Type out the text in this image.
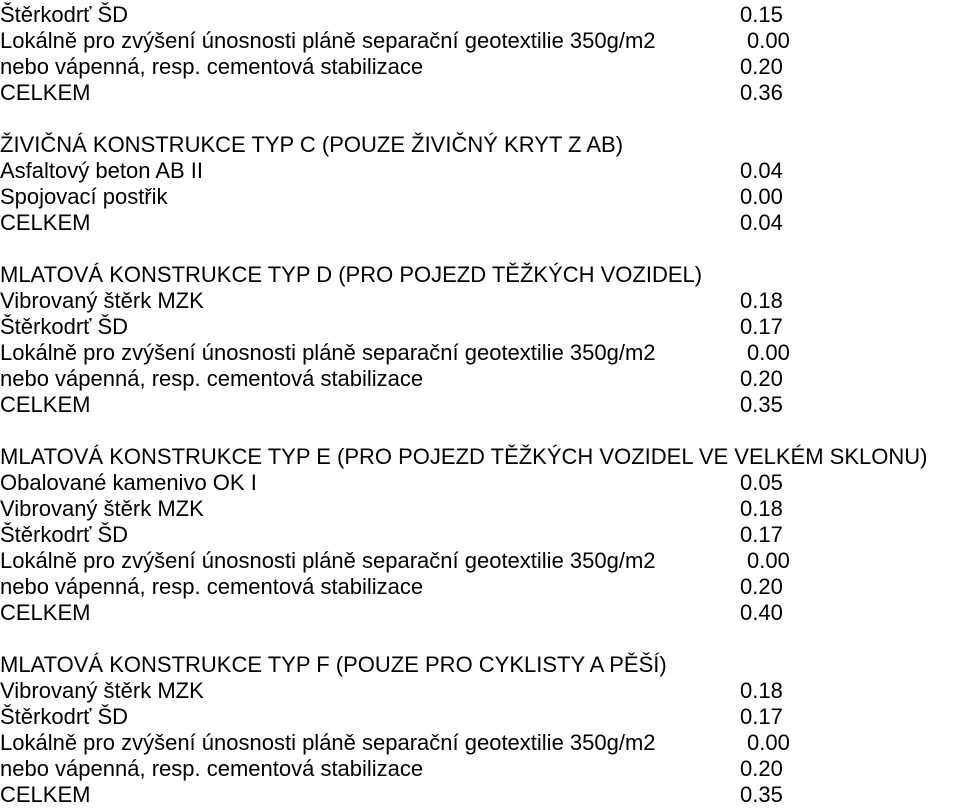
Štěrkodrť ŠD	0.15
Lokálně pro zvýšení únosnosti pláně separační geotextilie 350g/m2	0.00
nebo vápenná, resp. cementová stabilizace	0.20
CELKEM	0.36
ŽIVIČNÁ KONSTRUKCE TYP C (POUZE ŽIVIČNÝ KRYT Z AB)
Asfaltový beton AB II	0.04
Spojovací postřik	0.00
CELKEM	0.04
MLATOVÁ KONSTRUKCE TYP D (PRO POJEZD TĚŽKÝCH VOZIDEL)
Vibrovaný štěrk MZK	0.18
Štěrkodrť ŠD	0.17
Lokálně pro zvýšení únosnosti pláně separační geotextilie 350g/m2	0.00
nebo vápenná, resp. cementová stabilizace	0.20
CELKEM	0.35
MLATOVÁ KONSTRUKCE TYP E (PRO POJEZD TĚŽKÝCH VOZIDEL VE VELKÉM SKLONU)
Obalované kamenivo OK I	0.05
Vibrovaný štěrk MZK	0.18
Štěrkodrť ŠD	0.17
Lokálně pro zvýšení únosnosti pláně separační geotextilie 350g/m2	0.00
nebo vápenná, resp. cementová stabilizace	0.20
CELKEM	0.40
MLATOVÁ KONSTRUKCE TYP F (POUZE PRO CYKLISTY A PĚŠÍ)
Vibrovaný štěrk MZK	0.18
Štěrkodrť ŠD	0.17
Lokálně pro zvýšení únosnosti pláně separační geotextilie 350g/m2	0.00
nebo vápenná, resp. cementová stabilizace	0.20
CELKEM	0.35
